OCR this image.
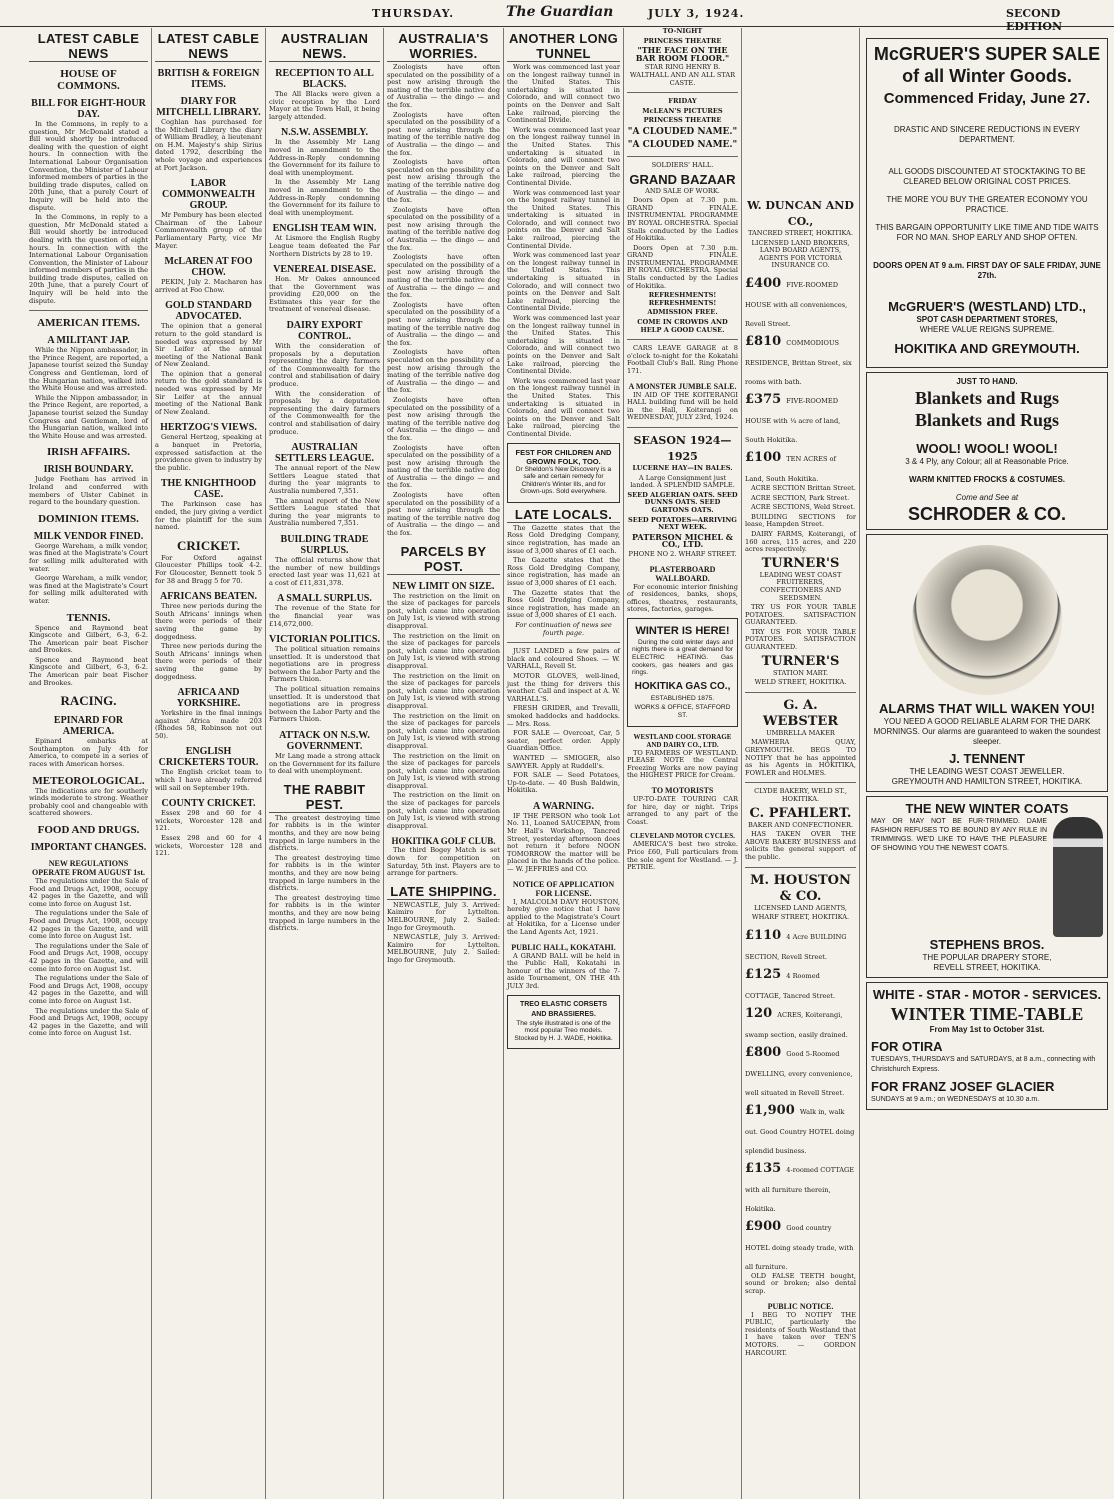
THURSDAY.	The Guardian	JULY 3, 1924.	SECOND EDITION
LATEST CABLE NEWS
HOUSE OF COMMONS.
BILL FOR EIGHT-HOUR DAY.

In the Commons, in reply to a question, Mr McDonald stated a Bill would shortly be introduced dealing with the question of eight hours. In connection with the International Labour Organisation Convention, the Minister of Labour informed members of parties in the building trade disputes, called on 20th June, that a purely Court of Inquiry will be held into the dispute.

In the Commons, in reply to a question, Mr McDonald stated a Bill would shortly be introduced dealing with the question of eight hours. In connection with the International Labour Organisation Convention, the Minister of Labour informed members of parties in the building trade disputes, called on 20th June, that a purely Court of Inquiry will be held into the dispute.

AMERICAN ITEMS.
A MILITANT JAP.

While the Nippon ambassador, in the Prince Regent, are reported, a Japanese tourist seized the Sunday Congress and Gentleman, lord of the Hungarian nation, walked into the White House and was arrested.

While the Nippon ambassador, in the Prince Regent, are reported, a Japanese tourist seized the Sunday Congress and Gentleman, lord of the Hungarian nation, walked into the White House and was arrested.

IRISH AFFAIRS.
IRISH BOUNDARY.

Judge Feetham has arrived in Ireland and conferred with members of Ulster Cabinet in regard to the boundary question.

DOMINION ITEMS.
MILK VENDOR FINED.

George Wareham, a milk vendor, was fined at the Magistrate's Court for selling milk adulterated with water.

George Wareham, a milk vendor, was fined at the Magistrate's Court for selling milk adulterated with water.

TENNIS.

Spence and Raymond beat Kingscote and Gilbert, 6-3, 6-2. The American pair beat Fischer and Brookes.

Spence and Raymond beat Kingscote and Gilbert, 6-3, 6-2. The American pair beat Fischer and Brookes.

RACING.
EPINARD FOR AMERICA.

Epinard embarks at Southampton on July 4th for America, to compete in a series of races with American horses.

METEOROLOGICAL.

The indications are for southerly winds moderate to strong. Weather probably cool and changeable with scattered showers.

FOOD AND DRUGS.
IMPORTANT CHANGES.
NEW REGULATIONS OPERATE FROM AUGUST 1st.

The regulations under the Sale of Food and Drugs Act, 1908, occupy 42 pages in the Gazette, and will come into force on August 1st.

The regulations under the Sale of Food and Drugs Act, 1908, occupy 42 pages in the Gazette, and will come into force on August 1st.

The regulations under the Sale of Food and Drugs Act, 1908, occupy 42 pages in the Gazette, and will come into force on August 1st.

The regulations under the Sale of Food and Drugs Act, 1908, occupy 42 pages in the Gazette, and will come into force on August 1st.

The regulations under the Sale of Food and Drugs Act, 1908, occupy 42 pages in the Gazette, and will come into force on August 1st.

LATEST CABLE NEWS
BRITISH & FOREIGN ITEMS.
DIARY FOR MITCHELL LIBRARY.

Coghlan has purchased for the Mitchell Library the diary of William Bradley, a lieutenant on H.M. Majesty's ship Sirius dated 1792, describing the whole voyage and experiences at Port Jackson.

LABOR COMMONWEALTH GROUP.

Mr Pembury has been elected Chairman of the Labour Commonwealth group of the Parliamentary Party, vice Mr Mayer.

McLAREN AT FOO CHOW.

PEKIN, July 2. Macharen has arrived at Foo Chow.

GOLD STANDARD ADVOCATED.

The opinion that a general return to the gold standard is needed was expressed by Mr Sir Leifer at the annual meeting of the National Bank of New Zealand.

The opinion that a general return to the gold standard is needed was expressed by Mr Sir Leifer at the annual meeting of the National Bank of New Zealand.

HERTZOG'S VIEWS.

General Hertzog, speaking at a banquet in Pretoria, expressed satisfaction at the providence given to industry by the public.

THE KNIGHTHOOD CASE.

The Parkinson case has ended, the jury giving a verdict for the plaintiff for the sum named.

CRICKET.

For Oxford against Gloucester Phillips took 4-2. For Gloucester, Bennett took 5 for 38 and Bragg 5 for 70.

AFRICANS BEATEN.

Three new periods during the South Africans' innings when there were periods of their saving the game by doggedness.

Three new periods during the South Africans' innings when there were periods of their saving the game by doggedness.

AFRICA AND YORKSHIRE.

Yorkshire in the final innings against Africa made 203 (Rhodes 58, Robinson not out 50).

ENGLISH CRICKETERS TOUR.

The English cricket team to which I have already referred will sail on September 19th.

COUNTY CRICKET.

Essex 298 and 60 for 4 wickets, Worcester 128 and 121.

Essex 298 and 60 for 4 wickets, Worcester 128 and 121.

AUSTRALIAN NEWS.
RECEPTION TO ALL BLACKS.

The All Blacks were given a civic reception by the Lord Mayor at the Town Hall, it being largely attended.

N.S.W. ASSEMBLY.

In the Assembly Mr Lang moved in amendment to the Address-in-Reply condemning the Government for its failure to deal with unemployment.

In the Assembly Mr Lang moved in amendment to the Address-in-Reply condemning the Government for its failure to deal with unemployment.

ENGLISH TEAM WIN.

At Lismore the English Rugby League team defeated the Far Northern Districts by 28 to 19.

VENEREAL DISEASE.

Hon. Mr Oakes announced that the Government was providing £20,000 on the Estimates this year for the treatment of venereal disease.

DAIRY EXPORT CONTROL.

With the consideration of proposals by a deputation representing the dairy farmers of the Commonwealth for the control and stabilisation of dairy produce.

With the consideration of proposals by a deputation representing the dairy farmers of the Commonwealth for the control and stabilisation of dairy produce.

AUSTRALIAN SETTLERS LEAGUE.

The annual report of the New Settlers League stated that during the year migrants to Australia numbered 7,351.

The annual report of the New Settlers League stated that during the year migrants to Australia numbered 7,351.

BUILDING TRADE SURPLUS.

The official returns show that the number of new buildings erected last year was 11,621 at a cost of £11,831,378.

A SMALL SURPLUS.

The revenue of the State for the financial year was £14,672,000.

VICTORIAN POLITICS.

The political situation remains unsettled. It is understood that negotiations are in progress between the Labor Party and the Farmers Union.

The political situation remains unsettled. It is understood that negotiations are in progress between the Labor Party and the Farmers Union.

ATTACK ON N.S.W. GOVERNMENT.

Mr Lang made a strong attack on the Government for its failure to deal with unemployment.

THE RABBIT PEST.

The greatest destroying time for rabbits is in the winter months, and they are now being trapped in large numbers in the districts.

The greatest destroying time for rabbits is in the winter months, and they are now being trapped in large numbers in the districts.

The greatest destroying time for rabbits is in the winter months, and they are now being trapped in large numbers in the districts.

AUSTRALIA'S WORRIES.

Zoologists have often speculated on the possibility of a pest now arising through the mating of the terrible native dog of Australia — the dingo — and the fox.

Zoologists have often speculated on the possibility of a pest now arising through the mating of the terrible native dog of Australia — the dingo — and the fox.

Zoologists have often speculated on the possibility of a pest now arising through the mating of the terrible native dog of Australia — the dingo — and the fox.

Zoologists have often speculated on the possibility of a pest now arising through the mating of the terrible native dog of Australia — the dingo — and the fox.

Zoologists have often speculated on the possibility of a pest now arising through the mating of the terrible native dog of Australia — the dingo — and the fox.

Zoologists have often speculated on the possibility of a pest now arising through the mating of the terrible native dog of Australia — the dingo — and the fox.

Zoologists have often speculated on the possibility of a pest now arising through the mating of the terrible native dog of Australia — the dingo — and the fox.

Zoologists have often speculated on the possibility of a pest now arising through the mating of the terrible native dog of Australia — the dingo — and the fox.

Zoologists have often speculated on the possibility of a pest now arising through the mating of the terrible native dog of Australia — the dingo — and the fox.

Zoologists have often speculated on the possibility of a pest now arising through the mating of the terrible native dog of Australia — the dingo — and the fox.

PARCELS BY POST.
NEW LIMIT ON SIZE.

The restriction on the limit on the size of packages for parcels post, which came into operation on July 1st, is viewed with strong disapproval.

The restriction on the limit on the size of packages for parcels post, which came into operation on July 1st, is viewed with strong disapproval.

The restriction on the limit on the size of packages for parcels post, which came into operation on July 1st, is viewed with strong disapproval.

The restriction on the limit on the size of packages for parcels post, which came into operation on July 1st, is viewed with strong disapproval.

The restriction on the limit on the size of packages for parcels post, which came into operation on July 1st, is viewed with strong disapproval.

The restriction on the limit on the size of packages for parcels post, which came into operation on July 1st, is viewed with strong disapproval.

HOKITIKA GOLF CLUB.

The third Bogey Match is set down for competition on Saturday, 5th inst. Players are to arrange for partners.

LATE SHIPPING.

NEWCASTLE, July 3. Arrived: Kaimiro for Lyttelton. MELBOURNE, July 2. Sailed: Ingo for Greymouth.

NEWCASTLE, July 3. Arrived: Kaimiro for Lyttelton. MELBOURNE, July 2. Sailed: Ingo for Greymouth.

ANOTHER LONG TUNNEL

Work was commenced last year on the longest railway tunnel in the United States. This undertaking is situated in Colorado, and will connect two points on the Denver and Salt Lake railroad, piercing the Continental Divide.

Work was commenced last year on the longest railway tunnel in the United States. This undertaking is situated in Colorado, and will connect two points on the Denver and Salt Lake railroad, piercing the Continental Divide.

Work was commenced last year on the longest railway tunnel in the United States. This undertaking is situated in Colorado, and will connect two points on the Denver and Salt Lake railroad, piercing the Continental Divide.

Work was commenced last year on the longest railway tunnel in the United States. This undertaking is situated in Colorado, and will connect two points on the Denver and Salt Lake railroad, piercing the Continental Divide.

Work was commenced last year on the longest railway tunnel in the United States. This undertaking is situated in Colorado, and will connect two points on the Denver and Salt Lake railroad, piercing the Continental Divide.

Work was commenced last year on the longest railway tunnel in the United States. This undertaking is situated in Colorado, and will connect two points on the Denver and Salt Lake railroad, piercing the Continental Divide.

FEST FOR CHILDREN AND GROWN FOLK, TOO.
Dr Sheldon's New Discovery is a safe and certain remedy for Children's Winter Ills, and for Grown-ups. Sold everywhere.
LATE LOCALS.

The Gazette states that the Ross Gold Dredging Company, since registration, has made an issue of 3,000 shares of £1 each.

The Gazette states that the Ross Gold Dredging Company, since registration, has made an issue of 3,000 shares of £1 each.

The Gazette states that the Ross Gold Dredging Company, since registration, has made an issue of 3,000 shares of £1 each.

For continuation of news see fourth page.

JUST LANDED a few pairs of black and coloured Shoes. — W. VARHALL, Revell St.

MOTOR GLOVES, well-lined, just the thing for drivers this weather. Call and inspect at A. W. VARHALL'S.

FRESH GRIDER, and Trevalli, smoked haddocks and haddocks. — Mrs. Ross.

FOR SALE — Overcoat, Car, 5 seater, perfect order. Apply Guardian Office.

WANTED — SMIGGER, also SAWYER. Apply at Ruddell's.

FOR SALE — Seed Potatoes, Up-to-date. — 40 Bush Baldwin, Hokitika.

A WARNING.

IF THE PERSON who took Lot No. 11, Loaned SAUCEPAN, from Mr Hall's Workshop, Tancred Street, yesterday afternoon does not return it before NOON TOMORROW the matter will be placed in the hands of the police. — W. JEFFRIES and CO.

NOTICE OF APPLICATION FOR LICENSE.

I, MALCOLM DAVY HOUSTON, hereby give notice that I have applied to the Magistrate's Court at Hokitika, for a License under the Land Agents Act, 1921.

PUBLIC HALL, KOKATAHI.

A GRAND BALL will be held in the Public Hall, Kokatahi in honour of the winners of the 7-aside Tournament, ON THE 4th JULY 3rd.

TREO ELASTIC CORSETS AND BRASSIERES.
The style illustrated is one of the most popular Treo models. Stocked by H. J. WADE, Hokitika.
TO-NIGHT
PRINCESS THEATRE
"THE FACE ON THE BAR ROOM FLOOR."
STAR RING HENRY B. WALTHALL AND AN ALL STAR CASTE.
FRIDAY
McLEAN'S PICTURES
PRINCESS THEATRE
"A CLOUDED NAME."
"A CLOUDED NAME."
SOLDIERS' HALL.
GRAND BAZAAR
AND SALE OF WORK.

Doors Open at 7.30 p.m. GRAND FINALE. INSTRUMENTAL PROGRAMME BY ROYAL ORCHESTRA. Special Stalls conducted by the Ladies of Hokitika.

Doors Open at 7.30 p.m. GRAND FINALE. INSTRUMENTAL PROGRAMME BY ROYAL ORCHESTRA. Special Stalls conducted by the Ladies of Hokitika.

REFRESHMENTS! REFRESHMENTS!
ADMISSION FREE.
COME IN CROWDS AND HELP A GOOD CAUSE.

CARS LEAVE GARAGE at 8 o'clock to-night for the Kokatahi Football Club's Ball. Ring Phone 171.

A MONSTER JUMBLE SALE.

IN AID OF THE KOITERANGI HALL building fund will be held in the Hall, Koiterangi on WEDNESDAY, JULY 23rd, 1924.

SEASON 1924—1925
LUCERNE HAY—IN BALES.

A Large Consignment just landed. A SPLENDID SAMPLE.

SEED ALGERIAN OATS. SEED DUNNS OATS. SEED GARTONS OATS.

SEED POTATOES—ARRIVING NEXT WEEK.

PATERSON MICHEL & CO., LTD.

PHONE NO 2. WHARF STREET.

PLASTERBOARD WALLBOARD.

For economic interior finishing of residences, banks, shops, offices, theatres, restaurants, stores, factories, garages.

WINTER IS HERE!
During the cold winter days and nights there is a great demand for ELECTRIC HEATING. Gas cookers, gas heaters and gas rings.
HOKITIKA GAS CO.,
ESTABLISHED 1875.
WORKS & OFFICE, STAFFORD ST.
WESTLAND COOL STORAGE AND DAIRY CO., LTD.

TO FARMERS OF WESTLAND. PLEASE NOTE the Central Freezing Works are now paying the HIGHEST PRICE for Cream.

TO MOTORISTS

UP-TO-DATE TOURING CAR for hire, day or night. Trips arranged to any part of the Coast.

CLEVELAND MOTOR CYCLES.

AMERICA'S best two stroke. Price £60, Full particulars from the sole agent for Westland. — J. PETRIE.

W. DUNCAN AND CO.,
TANCRED STREET, HOKITIKA.

LICENSED LAND BROKERS, LAND BOARD AGENTS, AGENTS FOR VICTORIA INSURANCE CO.

£400 FIVE-ROOMED HOUSE with all conveniences, Revell Street.
£810 COMMODIOUS RESIDENCE, Brittan Street, six rooms with bath.
£375 FIVE-ROOMED HOUSE with ¼ acre of land, South Hokitika.
£100 TEN ACRES of Land, South Hokitika.

ACRE SECTION Brittan Street.

ACRE SECTION, Park Street.

ACRE SECTIONS, Weld Street.

BUILDING SECTIONS for lease, Hampden Street.

DAIRY FARMS, Koiterangi, of 160 acres, 115 acres, and 220 acres respectively.

TURNER'S
LEADING WEST COAST FRUITERERS, CONFECTIONERS AND SEEDSMEN.

TRY US FOR YOUR TABLE POTATOES. SATISFACTION GUARANTEED.

TRY US FOR YOUR TABLE POTATOES. SATISFACTION GUARANTEED.

TURNER'S
STATION MART.
WELD STREET, HOKITIKA.
G. A. WEBSTER
UMBRELLA MAKER

MAWHERA QUAY, GREYMOUTH. BEGS TO NOTIFY that he has appointed as his Agents in HOKITIKA, FOWLER and HOLMES.

CLYDE BAKERY, WELD ST., HOKITIKA.
C. PFAHLERT.
BAKER AND CONFECTIONER.

HAS TAKEN OVER THE ABOVE BAKERY BUSINESS and solicits the general support of the public.

M. HOUSTON & CO.
LICENSED LAND AGENTS,
WHARF STREET, HOKITIKA.
£110 4 Acre BUILDING SECTION, Revell Street.
£125 4 Roomed COTTAGE, Tancred Street.
120 ACRES, Koiterangi, swamp section, easily drained.
£800 Good 5-Roomed DWELLING, every convenience, well situated in Revell Street.
£1,900 Walk in, walk out. Good Country HOTEL doing splendid business.
£135 4-roomed COTTAGE with all furniture therein, Hokitika.
£900 Good country HOTEL doing steady trade, with all furniture.

OLD FALSE TEETH bought, sound or broken; also dental scrap.

PUBLIC NOTICE.

I BEG TO NOTIFY THE PUBLIC, particularly the residents of South Westland that I have taken over TEN'S MOTORS. — GORDON HARCOURT.

McGRUER'S SUPER SALE
of all Winter Goods.
Commenced Friday, June 27.
DRASTIC AND SINCERE REDUCTIONS IN EVERY DEPARTMENT.
ALL GOODS DISCOUNTED AT STOCKTAKING TO BE CLEARED BELOW ORIGINAL COST PRICES.
THE MORE YOU BUY THE GREATER ECONOMY YOU PRACTICE.
THIS BARGAIN OPPORTUNITY LIKE TIME AND TIDE WAITS FOR NO MAN. SHOP EARLY AND SHOP OFTEN.
DOORS OPEN AT 9 a.m. FIRST DAY OF SALE FRIDAY, JUNE 27th.
McGRUER'S (WESTLAND) LTD.,
SPOT CASH DEPARTMENT STORES,
WHERE VALUE REIGNS SUPREME.
HOKITIKA AND GREYMOUTH.
JUST TO HAND.
Blankets and Rugs
Blankets and Rugs
WOOL! WOOL! WOOL!
3 & 4 Ply, any Colour; all at Reasonable Price.
WARM KNITTED FROCKS & COSTUMES.
Come and See at
SCHRODER & CO.
ALARMS THAT WILL WAKEN YOU!
YOU NEED A GOOD RELIABLE ALARM FOR THE DARK MORNINGS. Our alarms are guaranteed to waken the soundest sleeper.
J. TENNENT
THE LEADING WEST COAST JEWELLER.
GREYMOUTH AND HAMILTON STREET, HOKITIKA.
THE NEW WINTER COATS
MAY OR MAY NOT BE FUR-TRIMMED. DAME FASHION REFUSES TO BE BOUND BY ANY RULE IN TRIMMINGS. WE'D LIKE TO HAVE THE PLEASURE OF SHOWING YOU THE NEWEST COATS.
STEPHENS BROS.
THE POPULAR DRAPERY STORE,
REVELL STREET, HOKITIKA.
WHITE - STAR - MOTOR - SERVICES.
WINTER TIME-TABLE
From May 1st to October 31st.
FOR OTIRA
TUESDAYS, THURSDAYS and SATURDAYS, at 8 a.m., connecting with Christchurch Express.
FOR FRANZ JOSEF GLACIER
SUNDAYS at 9 a.m.; on WEDNESDAYS at 10.30 a.m.
